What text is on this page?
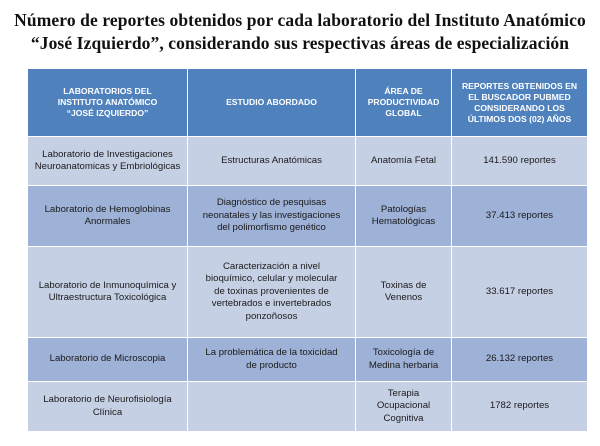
Número de reportes obtenidos por cada laboratorio del Instituto Anatómico
“José Izquierdo”, considerando sus respectivas áreas de especialización
LABORATORIOS DEL
INSTITUTO ANATÓMICO
“JOSÉ IZQUIERDO”	ESTUDIO ABORDADO	ÁREA DE
PRODUCTIVIDAD
GLOBAL	REPORTES OBTENIDOS EN
EL BUSCADOR PUBMED
CONSIDERANDO LOS
ÚLTIMOS DOS (02) AÑOS

Laboratorio de Investigaciones
Neuroanatomicas y Embriológicas	Estructuras Anatómicas	Anatomía Fetal	141.590 reportes

Laboratorio de Hemoglobinas
Anormales	Diagnóstico de pesquisas
neonatales y las investigaciones
del polimorfismo genético	Patologías
Hematológicas	37.413 reportes

Laboratorio de Inmunoquímica y
Ultraestructura Toxicológica	Caracterización a nivel
bioquímico, celular y molecular
de toxinas provenientes de
vertebrados e invertebrados
ponzoñosos	Toxinas de Venenos	33.617 reportes

Laboratorio de Microscopia	La problemática de la toxicidad
de producto	Toxicología de
Medina herbaria	26.132 reportes

Laboratorio de Neurofisiología
Clínica		Terapia
Ocupacional
Cognitiva	1782 reportes
